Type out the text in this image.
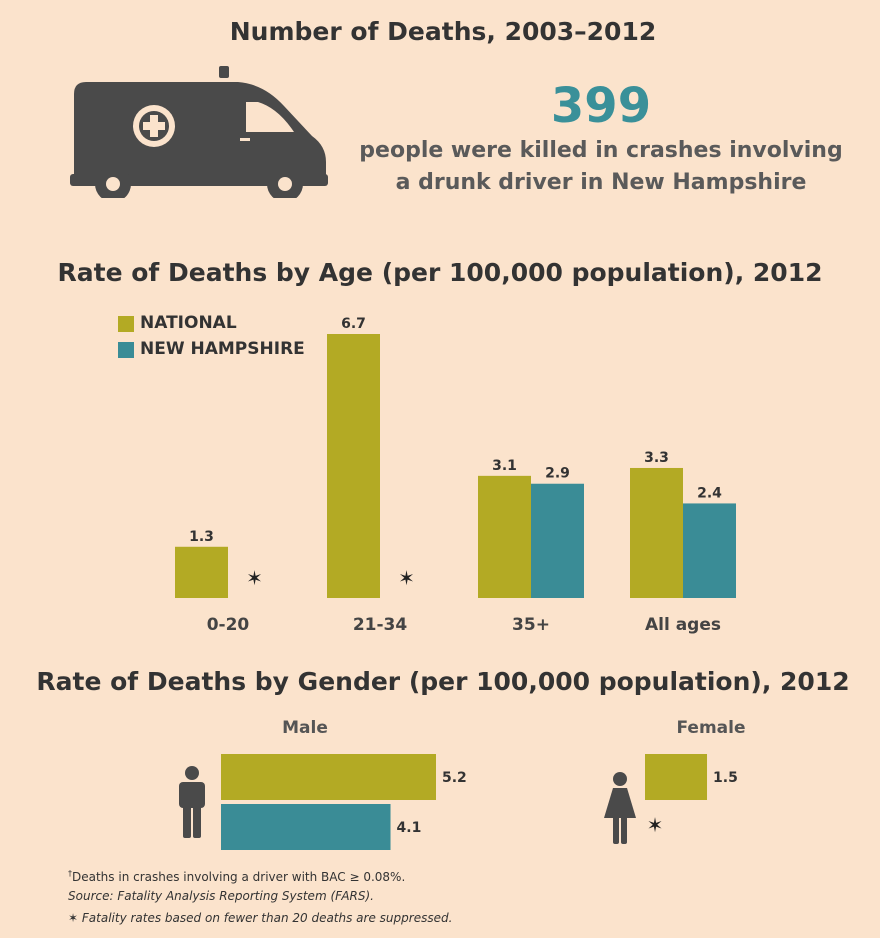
Number of Deaths, 2003–2012
399
people were killed in crashes involving
a drunk driver in New Hampshire
Rate of Deaths by Age (per 100,000 population), 2012
NATIONAL
NEW HAMPSHIRE
1.3
✶
0-20
6.7
✶
21-34
3.1 2.9
35+
3.3
2.4
All ages
Rate of Deaths by Gender (per 100,000 population), 2012
Male	Female
5.2
4.1
1.5
✶
†Deaths in crashes involving a driver with BAC ≥ 0.08%.
Source: Fatality Analysis Reporting System (FARS).
✶ Fatality rates based on fewer than 20 deaths are suppressed.
